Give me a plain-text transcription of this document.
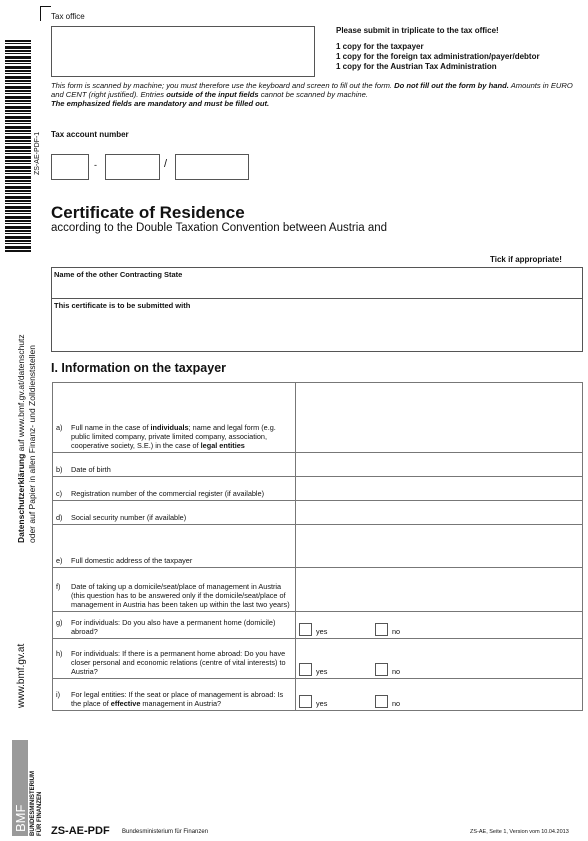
ZS-AE-PDF-1
Datenschutzerklärung auf www.bmf.gv.at/datenschutz oder auf Papier in allen Finanz- und Zolldienststellen
www.bmf.gv.at
BMF BUNDESMINISTERIUM FÜR FINANZEN
Tax office
Please submit in triplicate to the tax office!
1 copy for the taxpayer
1 copy for the foreign tax administration/payer/debtor
1 copy for the Austrian Tax Administration
This form is scanned by machine; you must therefore use the keyboard and screen to fill out the form. Do not fill out the form by hand. Amounts in EURO and CENT (right justified). Entries outside of the input fields cannot be scanned by machine.
The emphasized fields are mandatory and must be filled out.
Tax account number
-	/
Certificate of Residence
according to the Double Taxation Convention between Austria and
Tick if appropriate!
Name of the other Contracting State
This certificate is to be submitted with
I. Information on the taxpayer
a) Full name in the case of individuals; name and legal form (e.g. public limited company, private limited company, association, cooperative society, S.E.) in the case of legal entities	

b) Date of birth	

c) Registration number of the commercial register (if available)	

d) Social security number (if available)	

e) Full domestic address of the taxpayer	

f) Date of taking up a domicile/seat/place of management in Austria (this question has to be answered only if the domicile/seat/place of management in Austria has been taken up within the last two years)	

g) For individuals: Do you also have a permanent home (domicile) abroad?	yes no

h) For individuals: If there is a permanent home abroad: Do you have closer personal and economic relations (centre of vital interests) to Austria?	yes no

i) For legal entities: If the seat or place of management is abroad: Is the place of effective management in Austria?	yes no
ZS-AE-PDF Bundesministerium für Finanzen	ZS-AE, Seite 1, Version vom 10.04.2013
